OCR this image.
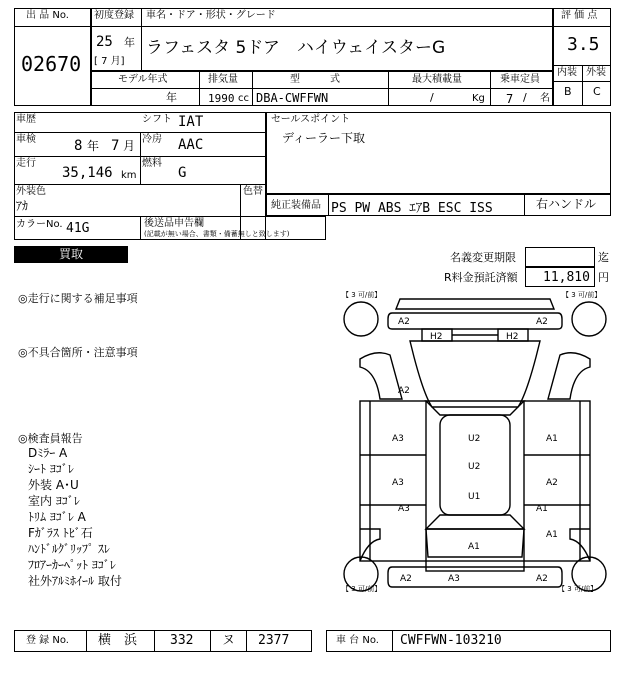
出 品 No.
02670
初度登録 車名・ドア・形状・グレード
25 年
[ 7 月]
ラフェスタ 5ドア　ハイウェイスターG
評 価 点
3.5
内装 外装
B C
モデル年式	排気量	型　　　式	最大積載量	乗車定員
年	1990 cc DBA-CWFFWN	/	Kg 7 / 名
車歴	シフト IAT
車検	8 年 7 月 冷房 AAC
走行
35,146 km
燃料
G
外装色
ｱｶ
色替
セールスポイント
ディーラー下取
純正装備品 PS PW ABS ｴｱB ESC ISS	右ハンドル
カラーNo. 41G	後送品申告欄
(記載が無い場合、書類・備蓄無しと致します)
買取	名義変更期限	迄
R料金預託済額 11,810 円
◎走行に関する補足事項
◎不具合箇所・注意事項
◎検査員報告
Dﾐﾗｰ A
ｼｰﾄ ﾖｺﾞﾚ
外装 A･U
室内 ﾖｺﾞﾚ
ﾄﾘﾑ ﾖｺﾞﾚ A
Fｶﾞﾗｽ ﾄﾋﾞ石
ﾊﾝﾄﾞﾙｸﾞﾘｯﾌﾟ ｽﾚ
ﾌﾛｱｰｶｰﾍﾟｯﾄ ﾖｺﾞﾚ
社外ｱﾙﾐﾎｲｰﾙ 取付
【 3 可/前】	【 3 可/前】
【 3 可/前】	【 3 可/前】
A2	A2
H2	H2
A2
A3	U2	A1
U2
A3	A2
U1
A3	A1
A1
A1
A2	A3	A2
登 録 No. 横　浜	332 ヌ 2377	車 台 No. CWFFWN-103210
